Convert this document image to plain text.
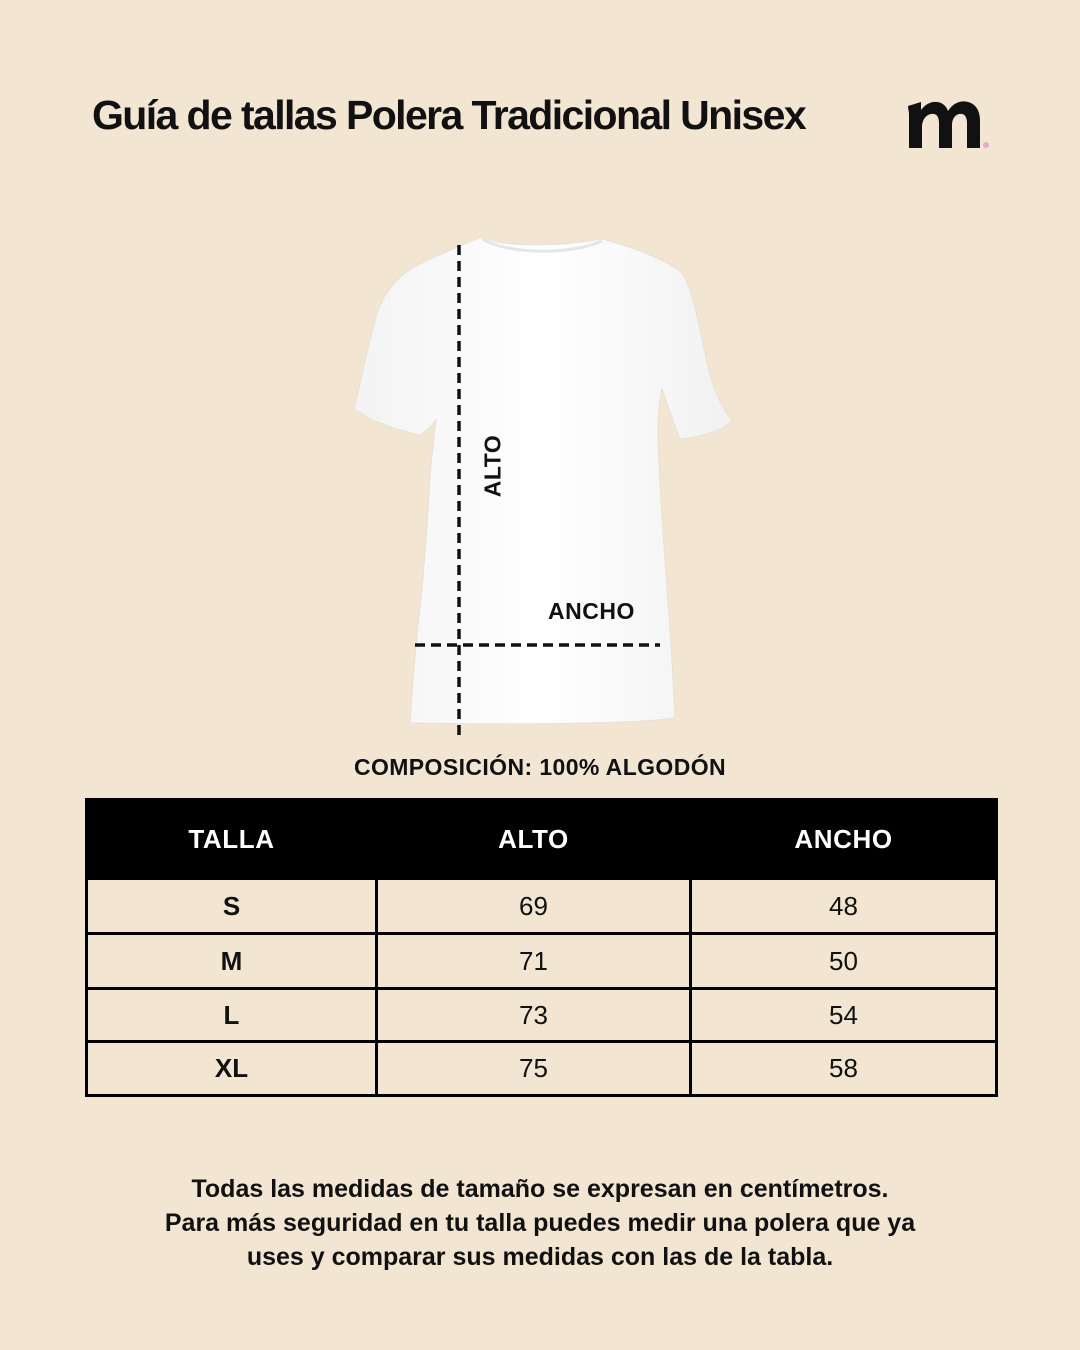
Guía de tallas Polera Tradicional Unisex
ALTO
ANCHO
COMPOSICIÓN: 100% ALGODÓN
TALLA	ALTO	ANCHO
S	69	48
M	71	50
L	73	54
XL	75	58
Todas las medidas de tamaño se expresan en centímetros.
Para más seguridad en tu talla puedes medir una polera que ya
uses y comparar sus medidas con las de la tabla.
